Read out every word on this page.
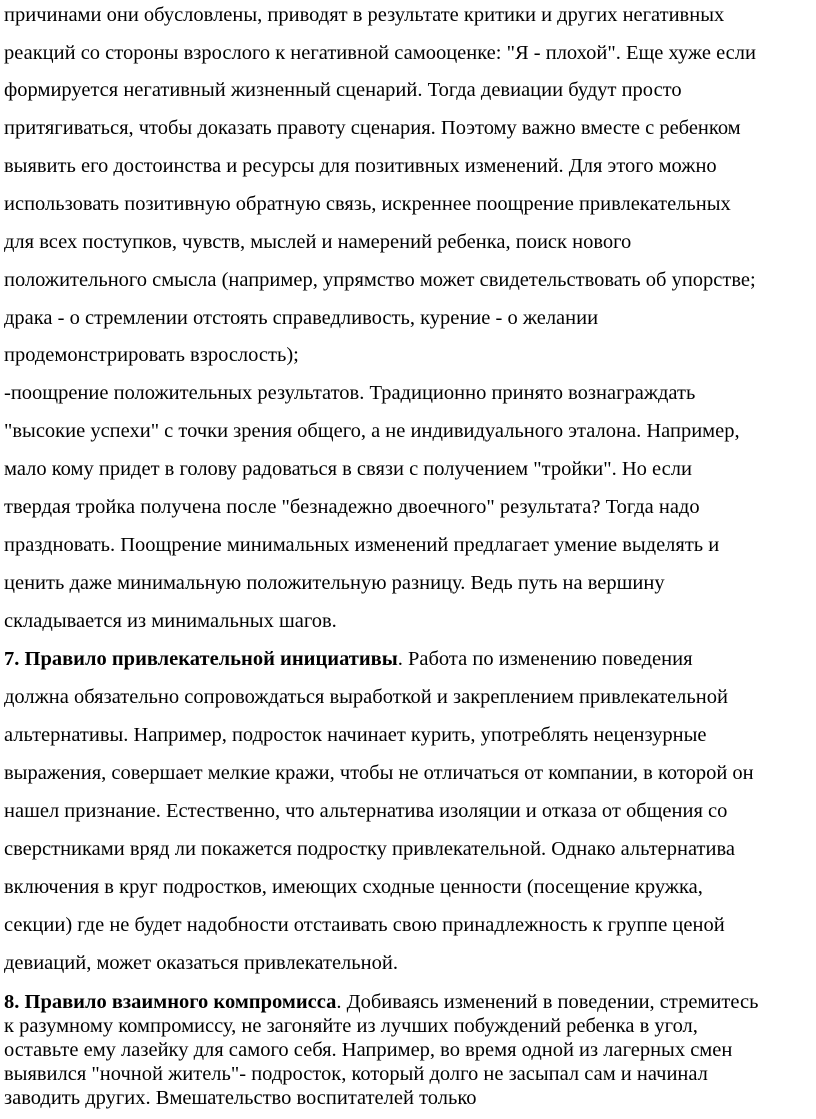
причинами они обусловлены, приводят в результате критики и других негативных
реакций со стороны взрослого к негативной самооценке: "Я - плохой". Еще хуже если
формируется негативный жизненный сценарий. Тогда девиации будут просто
притягиваться, чтобы доказать правоту сценария. Поэтому важно вместе с ребенком
выявить его достоинства и ресурсы для позитивных изменений. Для этого можно
использовать позитивную обратную связь, искреннее поощрение привлекательных
для всех поступков, чувств, мыслей и намерений ребенка, поиск нового
положительного смысла (например, упрямство может свидетельствовать об упорстве;
драка - о стремлении отстоять справедливость, курение - о желании
продемонстрировать взрослость);
-поощрение положительных результатов. Традиционно принято вознаграждать
"высокие успехи" с точки зрения общего, а не индивидуального эталона. Например,
мало кому придет в голову радоваться в связи с получением "тройки". Но если
твердая тройка получена после "безнадежно двоечного" результата? Тогда надо
праздновать. Поощрение минимальных изменений предлагает умение выделять и
ценить даже минимальную положительную разницу. Ведь путь на вершину
складывается из минимальных шагов.
7. Правило привлекательной инициативы. Работа по изменению поведения
должна обязательно сопровождаться выработкой и закреплением привлекательной
альтернативы. Например, подросток начинает курить, употреблять нецензурные
выражения, совершает мелкие кражи, чтобы не отличаться от компании, в которой он
нашел признание. Естественно, что альтернатива изоляции и отказа от общения со
сверстниками вряд ли покажется подростку привлекательной. Однако альтернатива
включения в круг подростков, имеющих сходные ценности (посещение кружка,
секции) где не будет надобности отстаивать свою принадлежность к группе ценой
девиаций, может оказаться привлекательной.
8. Правило взаимного компромисса. Добиваясь изменений в поведении, стремитесь
к разумному компромиссу, не загоняйте из лучших побуждений ребенка в угол,
оставьте ему лазейку для самого себя. Например, во время одной из лагерных смен
выявился "ночной житель"- подросток, который долго не засыпал сам и начинал
заводить других. Вмешательство воспитателей только
